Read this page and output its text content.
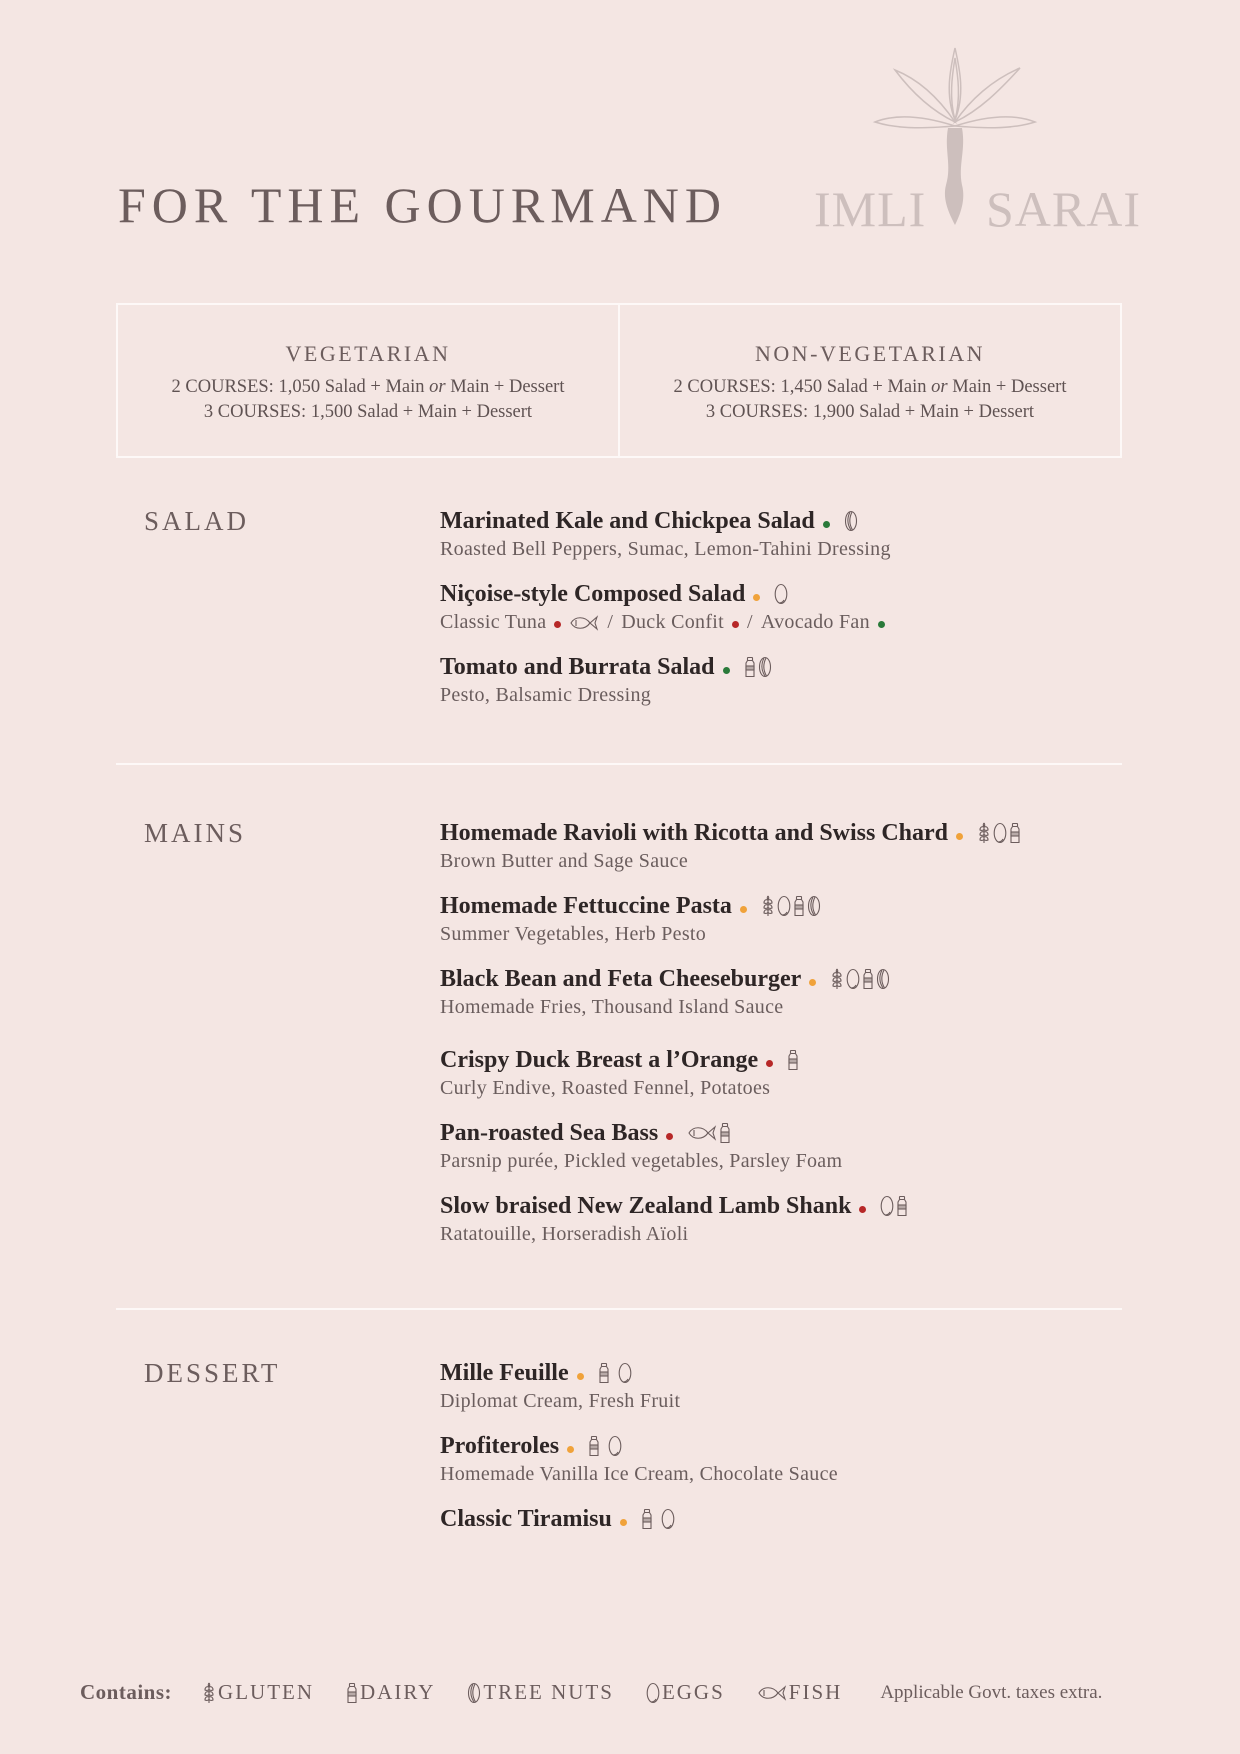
FOR THE GOURMAND IMLI SARAI
VEGETARIAN
2 COURSES: 1,050 Salad + Main or Main + Dessert
3 COURSES: 1,500 Salad + Main + Dessert
NON-VEGETARIAN
2 COURSES: 1,450 Salad + Main or Main + Dessert
3 COURSES: 1,900 Salad + Main + Dessert
SALAD	Marinated Kale and Chickpea Salad
Roasted Bell Peppers, Sumac, Lemon-Tahini Dressing
Niçoise-style Composed Salad
Classic Tuna	/ Duck Confit / Avocado Fan
Tomato and Burrata Salad
Pesto, Balsamic Dressing
MAINS	Homemade Ravioli with Ricotta and Swiss Chard
Brown Butter and Sage Sauce
Homemade Fettuccine Pasta
Summer Vegetables, Herb Pesto
Black Bean and Feta Cheeseburger
Homemade Fries, Thousand Island Sauce
Crispy Duck Breast a l’Orange
Curly Endive, Roasted Fennel, Potatoes
Pan-roasted Sea Bass
Parsnip purée, Pickled vegetables, Parsley Foam
Slow braised New Zealand Lamb Shank
Ratatouille, Horseradish Aïoli
DESSERT	Mille Feuille
Diplomat Cream, Fresh Fruit
Profiteroles
Homemade Vanilla Ice Cream, Chocolate Sauce
Classic Tiramisu
Contains: GLUTEN DAIRY TREE NUTS EGGS	FISH Applicable Govt. taxes extra.
